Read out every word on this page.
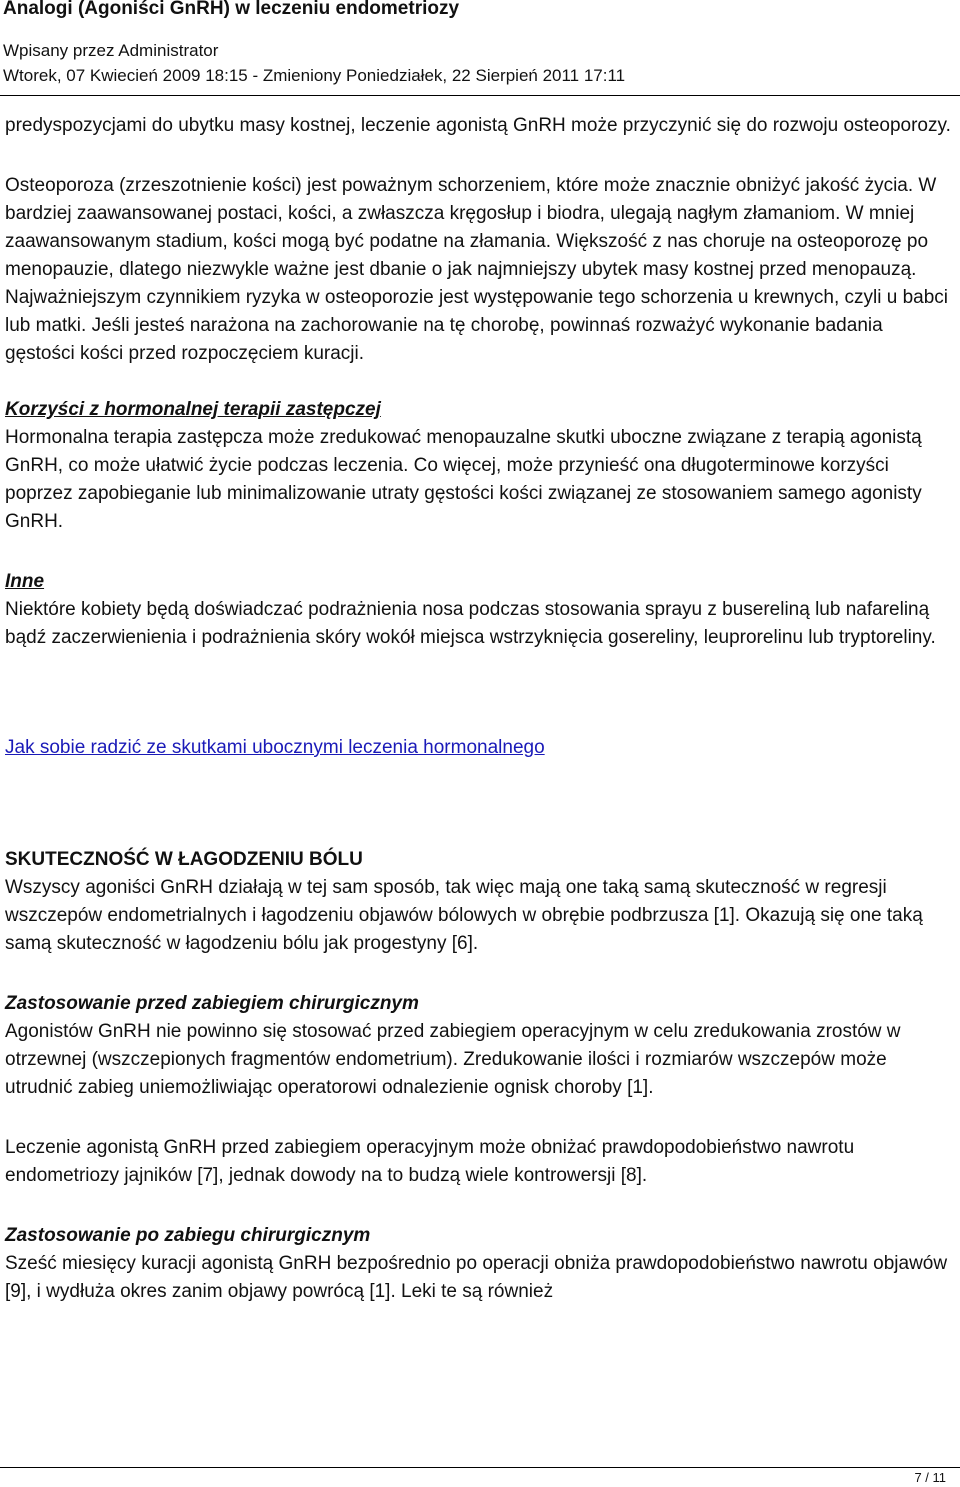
Analogi (Agoniści GnRH) w leczeniu endometriozy
Wpisany przez Administrator
Wtorek, 07 Kwiecień 2009 18:15 - Zmieniony Poniedziałek, 22 Sierpień 2011 17:11

predyspozycjami do ubytku masy kostnej, leczenie agonistą GnRH może przyczynić się do rozwoju osteoporozy.

Osteoporoza (zrzeszotnienie kości) jest poważnym schorzeniem, które może znacznie obniżyć jakość życia. W bardziej zaawansowanej postaci, kości, a zwłaszcza kręgosłup i biodra, ulegają nagłym złamaniom. W mniej zaawansowanym stadium, kości mogą być podatne na złamania. Większość z nas choruje na osteoporozę po menopauzie, dlatego niezwykle ważne jest dbanie o jak najmniejszy ubytek masy kostnej przed menopauzą.

Najważniejszym czynnikiem ryzyka w osteoporozie jest występowanie tego schorzenia u krewnych, czyli u babci lub matki. Jeśli jesteś narażona na zachorowanie na tę chorobę, powinnaś rozważyć wykonanie badania gęstości kości przed rozpoczęciem kuracji.

Korzyści z hormonalnej terapii zastępczej

Hormonalna terapia zastępcza może zredukować menopauzalne skutki uboczne związane z terapią agonistą GnRH, co może ułatwić życie podczas leczenia. Co więcej, może przynieść ona długoterminowe korzyści poprzez zapobieganie lub minimalizowanie utraty gęstości kości związanej ze stosowaniem samego agonisty GnRH.

Inne

Niektóre kobiety będą doświadczać podrażnienia nosa podczas stosowania sprayu z busereliną lub nafareliną bądź zaczerwienienia i podrażnienia skóry wokół miejsca wstrzyknięcia gosereliny, leuprorelinu lub tryptoreliny.

Jak sobie radzić ze skutkami ubocznymi leczenia hormonalnego

SKUTECZNOŚĆ W ŁAGODZENIU BÓLU

Wszyscy agoniści GnRH działają w tej sam sposób, tak więc mają one taką samą skuteczność w regresji wszczepów endometrialnych i łagodzeniu objawów bólowych w obrębie podbrzusza [1]. Okazują się one taką samą skuteczność w łagodzeniu bólu jak progestyny [6].

Zastosowanie przed zabiegiem chirurgicznym

Agonistów GnRH nie powinno się stosować przed zabiegiem operacyjnym w celu zredukowania zrostów w otrzewnej (wszczepionych fragmentów endometrium). Zredukowanie ilości i rozmiarów wszczepów może utrudnić zabieg uniemożliwiając operatorowi odnalezienie ognisk choroby [1].

Leczenie agonistą GnRH przed zabiegiem operacyjnym może obniżać prawdopodobieństwo nawrotu endometriozy jajników [7], jednak dowody na to budzą wiele kontrowersji [8].

Zastosowanie po zabiegu chirurgicznym

Sześć miesięcy kuracji agonistą GnRH bezpośrednio po operacji obniża prawdopodobieństwo nawrotu objawów [9], i wydłuża okres zanim objawy powrócą [1]. Leki te są również

7 / 11
